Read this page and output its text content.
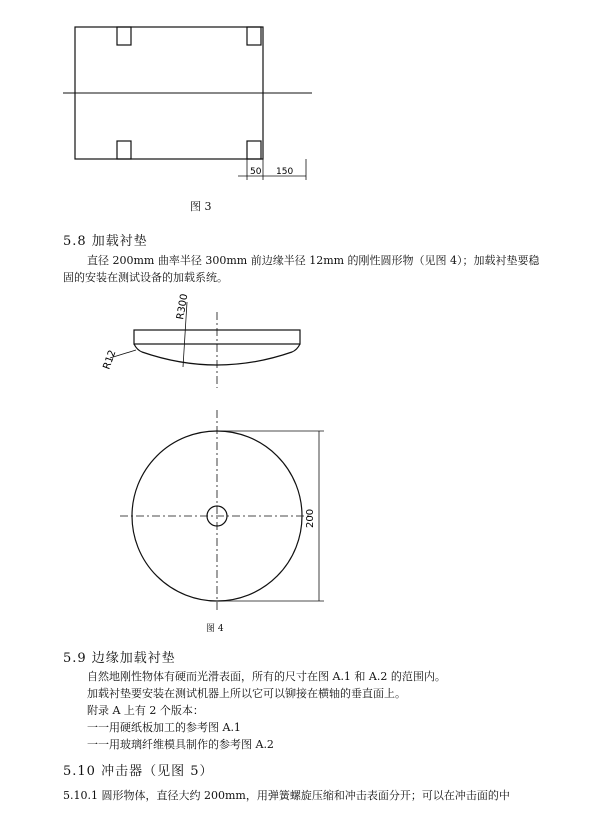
50 150
图 3
5.8 加载衬垫
直径 200mm 曲率半径 300mm 前边缘半径 12mm 的刚性圆形物（见图 4）；加载衬垫要稳
固的安装在测试设备的加载系统。
R300
R12
200
图 4
5.9 边缘加载衬垫
自然地刚性物体有硬而光滑表面，所有的尺寸在图 A.1 和 A.2 的范围内。
加载衬垫要安装在测试机器上所以它可以铆接在横轴的垂直面上。
附录 A 上有 2 个版本：
一一用硬纸板加工的参考图 A.1
一一用玻璃纤维模具制作的参考图 A.2
5.10 冲击器（见图 5）
5.10.1 圆形物体，直径大约 200mm，用弹簧螺旋压缩和冲击表面分开；可以在冲击面的中
